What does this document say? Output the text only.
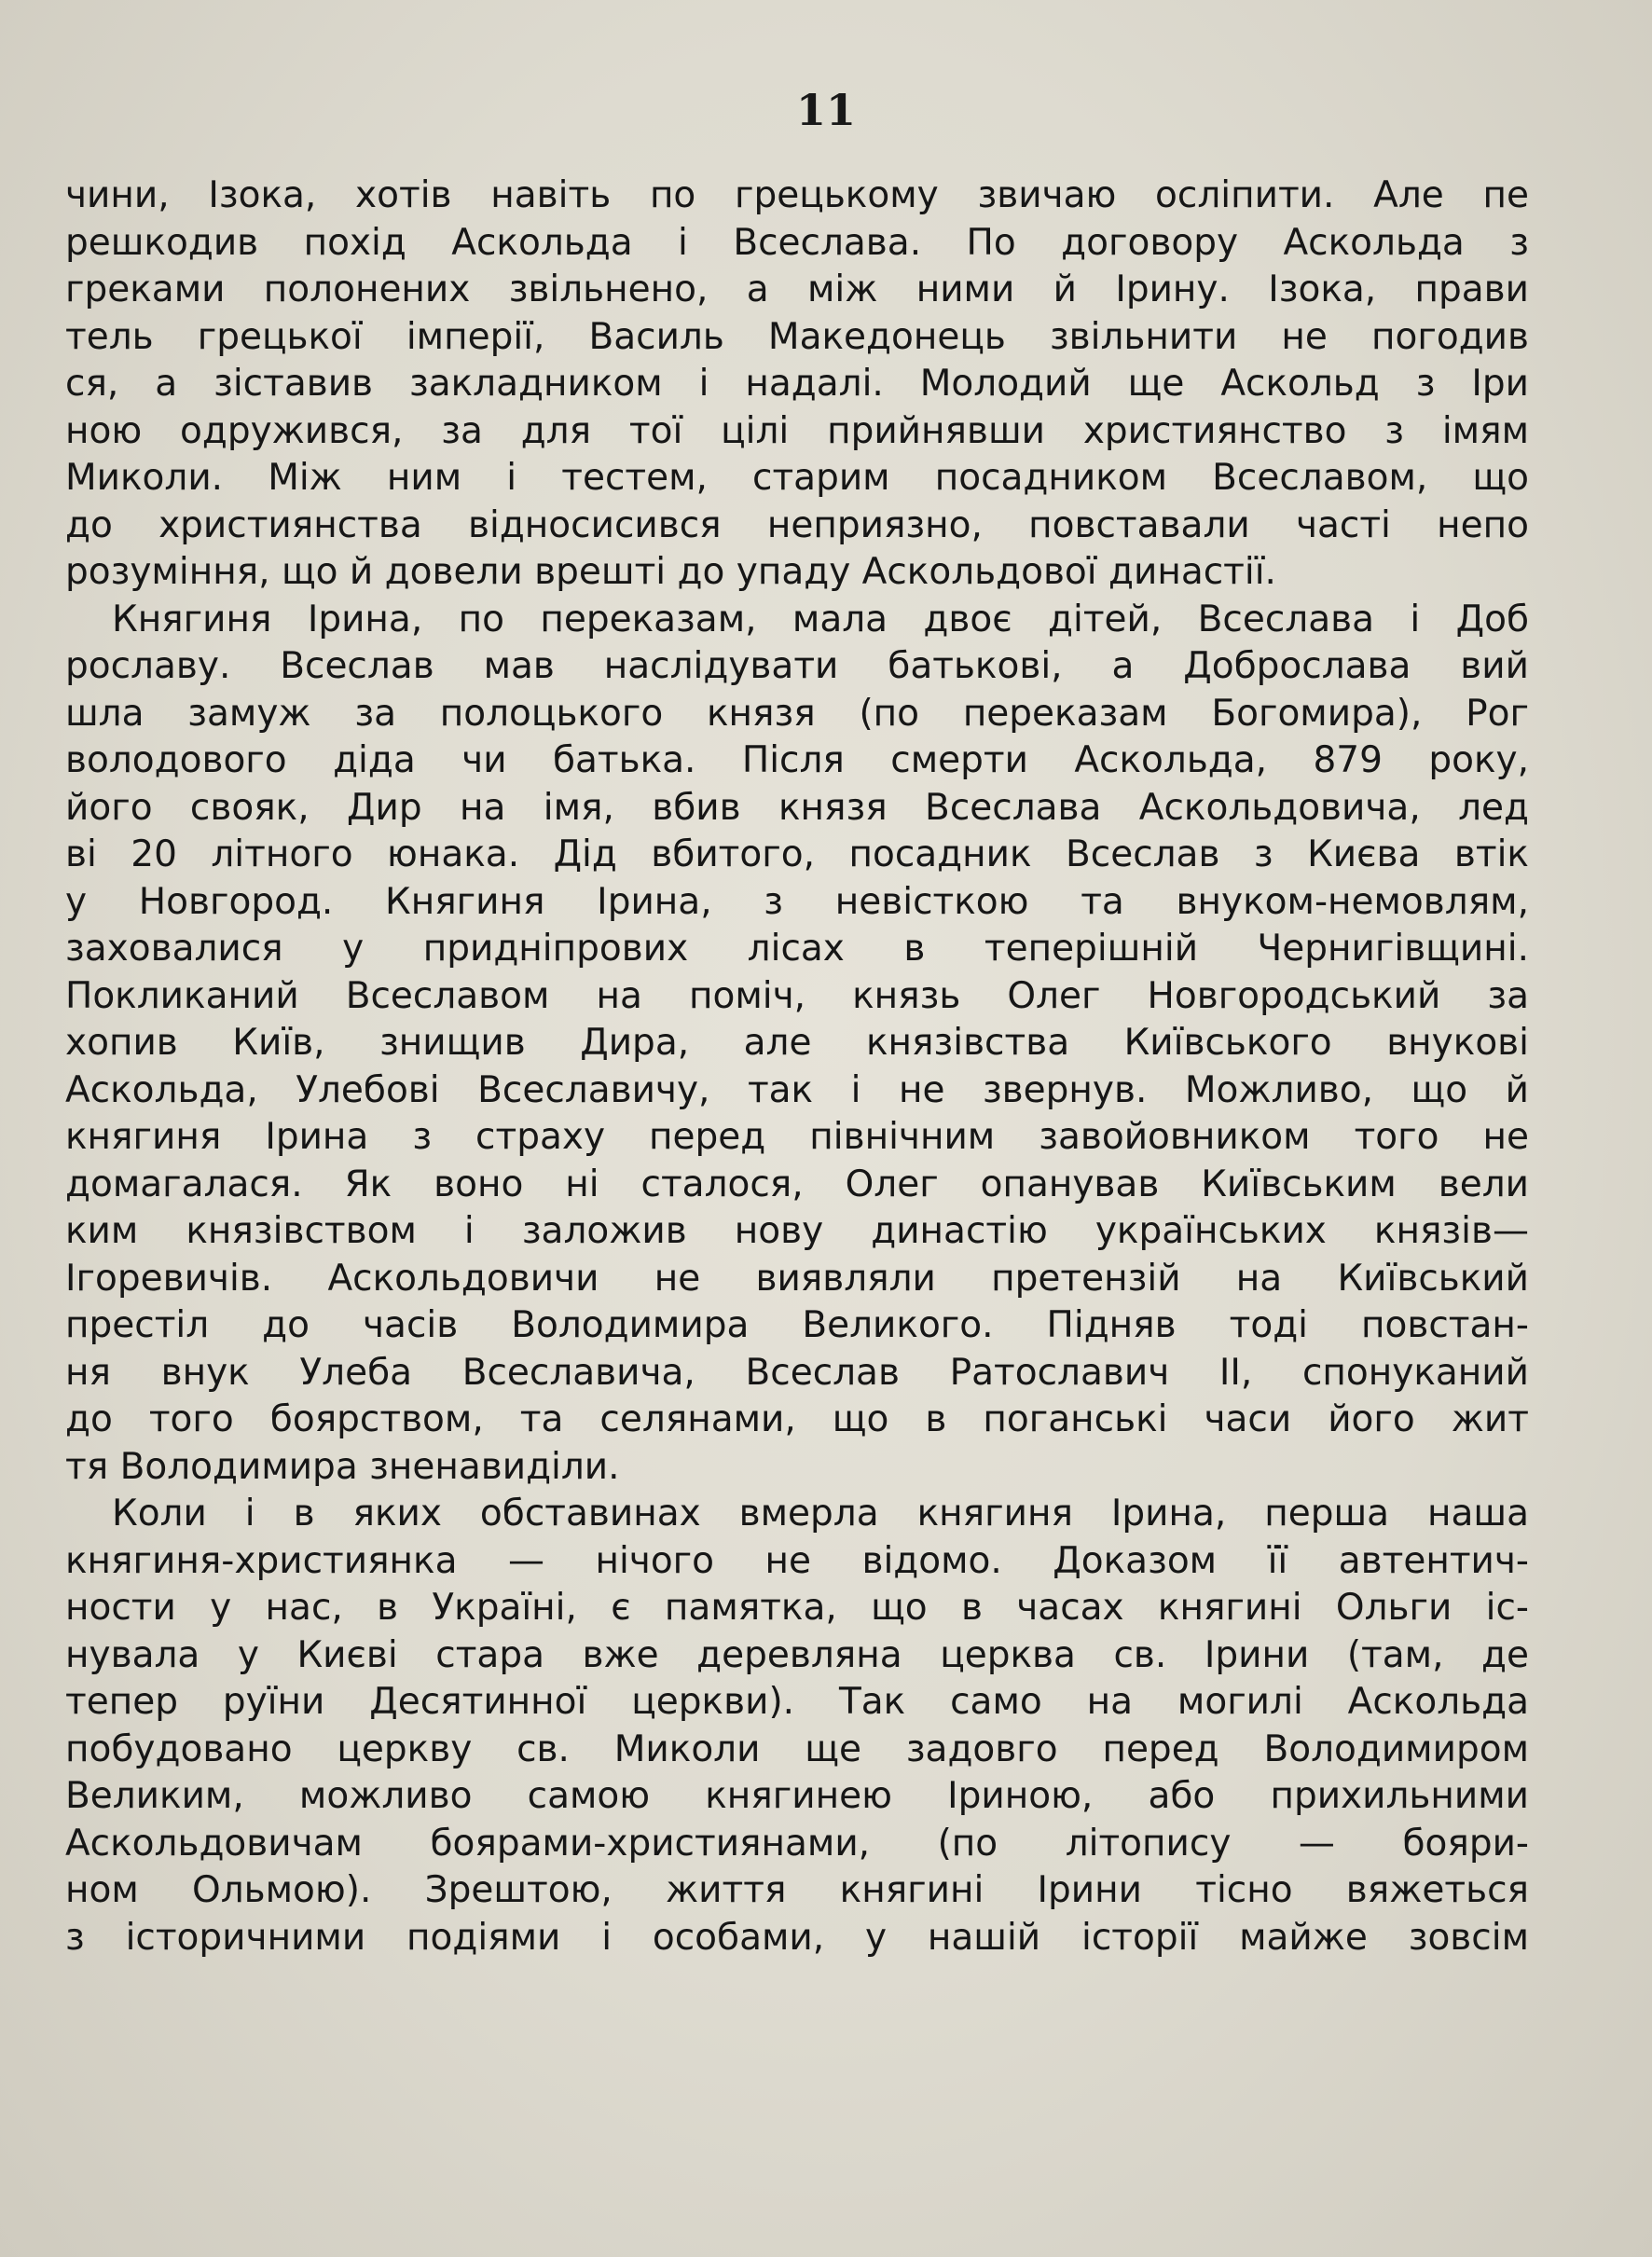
11
чини, Ізока, хотів навіть по грецькому звичаю осліпити. Але пе
решкодив похід Аскольда і Всеслава. По договору Аскольда з
греками полонених звільнено, а між ними й Ірину. Ізока, прави
тель грецької імперії, Василь Македонець звільнити не погодив
ся, а зіставив закладником і надалі. Молодий ще Аскольд з Іри
ною одружився, за для тої цілі прийнявши християнство з імям
Миколи. Між ним і тестем, старим посадником Всеславом, що
до християнства відносисився неприязно, повставали часті непо
розуміння, що й довели врешті до упаду Аскольдової династії.
Княгиня Ірина, по переказам, мала двоє дітей, Всеслава і Доб
рославу. Всеслав мав наслідувати батькові, а Доброслава вий
шла замуж за полоцького князя (по переказам Богомира), Рог
володового діда чи батька. Після смерти Аскольда, 879 року,
його свояк, Дир на імя, вбив князя Всеслава Аскольдовича, лед
ві 20 літного юнака. Дід вбитого, посадник Всеслав з Києва втік
у Новгород. Княгиня Ірина, з невісткою та внуком-немовлям,
заховалися у придніпрових лісах в теперішній Чернигівщині.
Покликаний Всеславом на поміч, князь Олег Новгородський за
хопив Київ, знищив Дира, але князівства Київського внукові
Аскольда, Улебові Всеславичу, так і не звернув. Можливо, що й
княгиня Ірина з страху перед північним завойовником того не
домагалася. Як воно ні сталося, Олег опанував Київським вели
ким князівством і заложив нову династію українських князів—
Ігоревичів. Аскольдовичи не виявляли претензій на Київський
престіл до часів Володимира Великого. Підняв тоді повстан-
ня внук Улеба Всеславича, Всеслав Ратославич II, спонуканий
до того боярством, та селянами, що в поганські часи його жит
тя Володимира зненавиділи.
Коли і в яких обставинах вмерла княгиня Ірина, перша наша
княгиня-християнка — нічого не відомо. Доказом її автентич-
ности у нас, в Україні, є памятка, що в часах княгині Ольги іс-
нувала у Києві стара вже деревляна церква св. Ірини (там, де
тепер руїни Десятинної церкви). Так само на могилі Аскольда
побудовано церкву св. Миколи ще задовго перед Володимиром
Великим, можливо самою княгинею Іриною, або прихильними
Аскольдовичам боярами-християнами, (по літопису — бояри-
ном Ольмою). Зрештою, життя княгині Ірини тісно вяжеться
з історичними подіями і особами, у нашій історії майже зовсім
